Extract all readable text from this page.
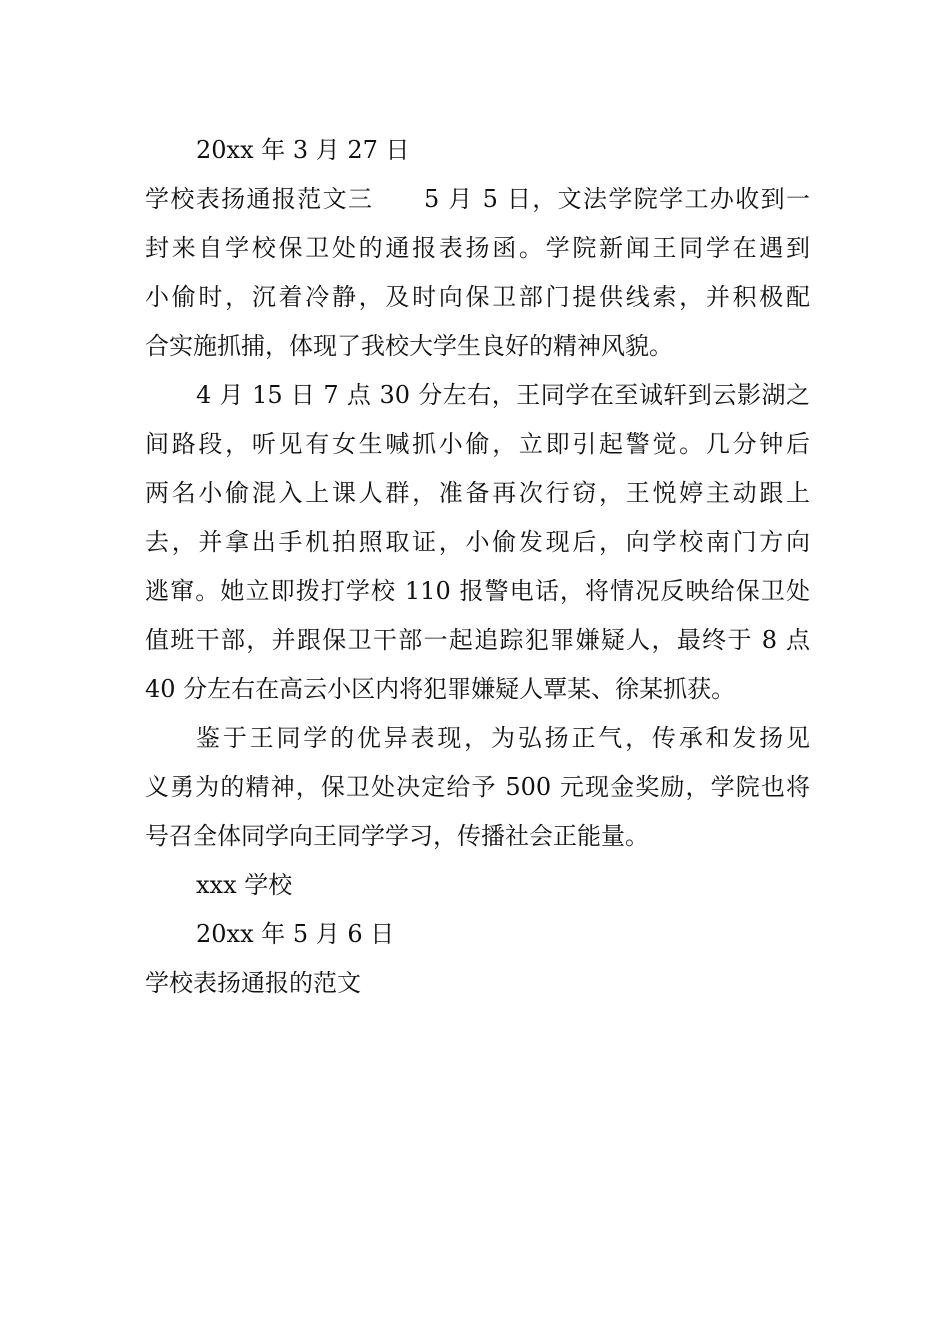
20xx 年 3 月 27 日
学校表扬通报范文三　　5 月 5 日，文法学院学工办收到一
封来自学校保卫处的通报表扬函。学院新闻王同学在遇到
小偷时，沉着冷静，及时向保卫部门提供线索，并积极配
合实施抓捕，体现了我校大学生良好的精神风貌。
4 月 15 日 7 点 30 分左右，王同学在至诚轩到云影湖之
间路段，听见有女生喊抓小偷，立即引起警觉。几分钟后
两名小偷混入上课人群，准备再次行窃，王悦婷主动跟上
去，并拿出手机拍照取证，小偷发现后，向学校南门方向
逃窜。她立即拨打学校 110 报警电话，将情况反映给保卫处
值班干部，并跟保卫干部一起追踪犯罪嫌疑人，最终于 8 点
40 分左右在高云小区内将犯罪嫌疑人覃某、徐某抓获。
鉴于王同学的优异表现，为弘扬正气，传承和发扬见
义勇为的精神，保卫处决定给予 500 元现金奖励，学院也将
号召全体同学向王同学学习，传播社会正能量。
xxx 学校
20xx 年 5 月 6 日
学校表扬通报的范文
